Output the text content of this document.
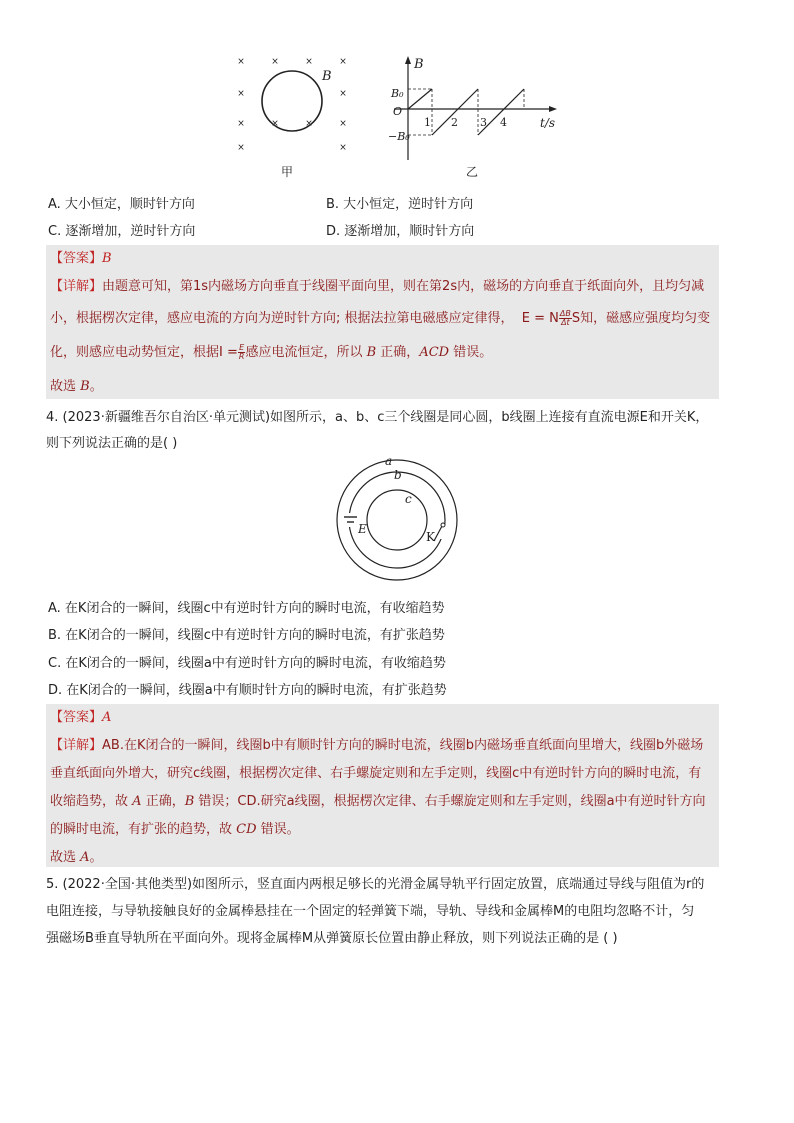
×	×	×	×
×	×
×	×	×	×
×	×
B
甲
B
t/s
B₀
O
−B₀
1 2 3 4
乙
A. 大小恒定，顺时针方向	B. 大小恒定，逆时针方向
C. 逐渐增加，逆时针方向	D. 逐渐增加，顺时针方向
【答案】B
【详解】由题意可知，第1s内磁场方向垂直于线圈平面向里，则在第2s内，磁场的方向垂直于纸面向外，且均匀减
小，根据楞次定律，感应电流的方向为逆时针方向; 根据法拉第电磁感应定律得， E = N $\frac{\Delta B}{\Delta t}$ S知，磁感应强度均匀变
化，则感应电动势恒定，根据$I = \frac{E}{R}$ 感应电流恒定，所以 B 正确，ACD 错误。
故选 B。
4. (2023·新疆维吾尔自治区·单元测试)如图所示，a、b、c三个线圈是同心圆，b线圈上连接有直流电源E和开关K，
则下列说法正确的是( )
a
b
c
E
K
A. 在K闭合的一瞬间，线圈c中有逆时针方向的瞬时电流，有收缩趋势
B. 在K闭合的一瞬间，线圈c中有逆时针方向的瞬时电流，有扩张趋势
C. 在K闭合的一瞬间，线圈a中有逆时针方向的瞬时电流，有收缩趋势
D. 在K闭合的一瞬间，线圈a中有顺时针方向的瞬时电流，有扩张趋势
【答案】A
【详解】AB.在K闭合的一瞬间，线圈b中有顺时针方向的瞬时电流，线圈b内磁场垂直纸面向里增大，线圈b外磁场
垂直纸面向外增大，研究c线圈，根据楞次定律、右手螺旋定则和左手定则，线圈c中有逆时针方向的瞬时电流，有
收缩趋势，故 A 正确，B 错误；CD.研究a线圈，根据楞次定律、右手螺旋定则和左手定则，线圈a中有逆时针方向
的瞬时电流，有扩张的趋势，故 CD 错误。
故选 A。
5. (2022·全国·其他类型)如图所示，竖直面内两根足够长的光滑金属导轨平行固定放置，底端通过导线与阻值为r的
电阻连接，与导轨接触良好的金属棒悬挂在一个固定的轻弹簧下端，导轨、导线和金属棒M的电阻均忽略不计，匀
强磁场B垂直导轨所在平面向外。现将金属棒M从弹簧原长位置由静止释放，则下列说法正确的是 ( )
